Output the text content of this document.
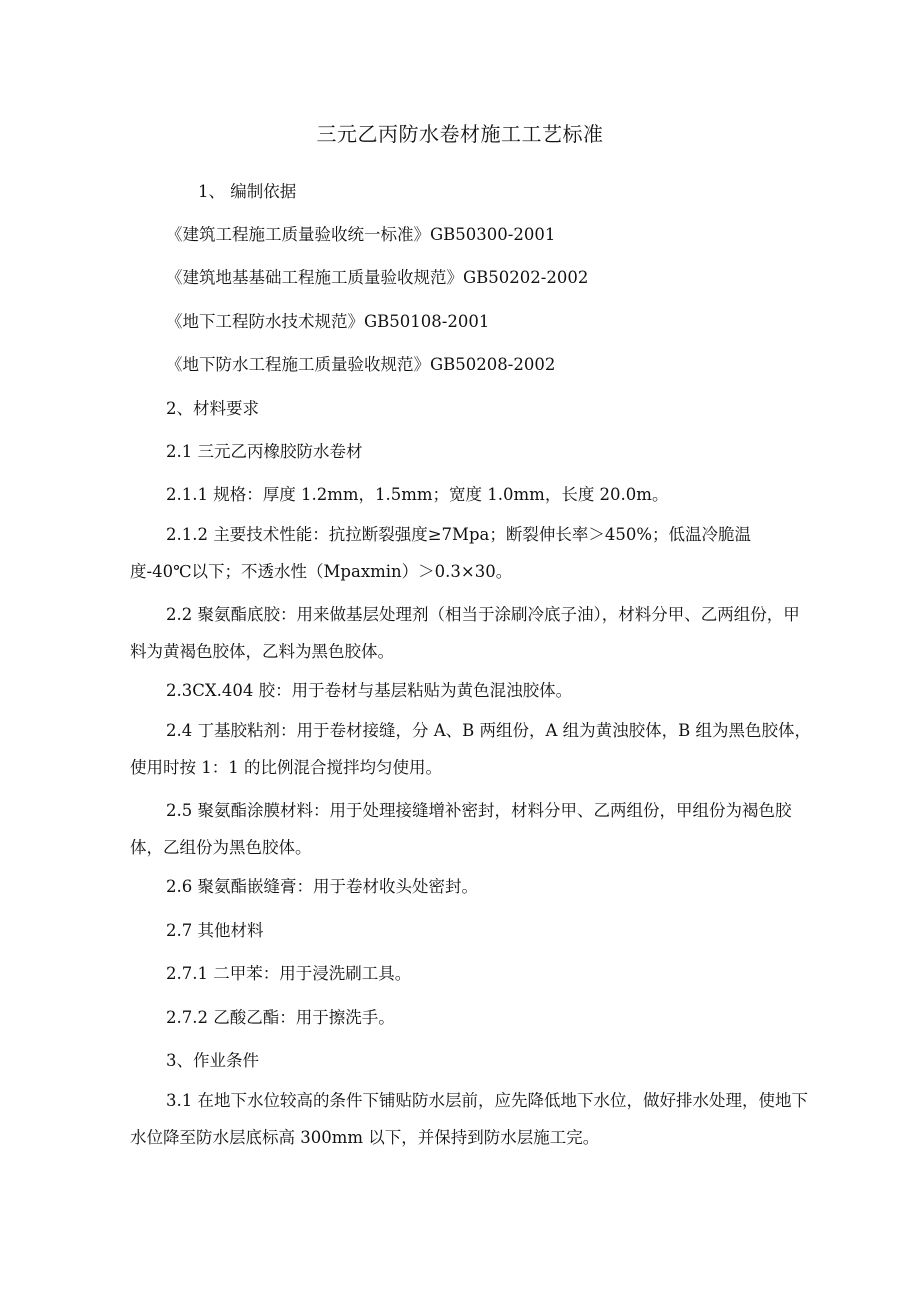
三元乙丙防水卷材施工工艺标准

1、 编制依据

《建筑工程施工质量验收统一标准》GB50300-2001

《建筑地基基础工程施工质量验收规范》GB50202-2002

《地下工程防水技术规范》GB50108-2001

《地下防水工程施工质量验收规范》GB50208-2002

2、材料要求

2.1 三元乙丙橡胶防水卷材

2.1.1 规格：厚度 1.2mm，1.5mm；宽度 1.0mm，长度 20.0m。

2.1.2 主要技术性能：抗拉断裂强度≥7Mpa；断裂伸长率＞450%；低温冷脆温度-40℃以下；不透水性（Mpaxmin）＞0.3×30。

2.2 聚氨酯底胶：用来做基层处理剂（相当于涂刷冷底子油），材料分甲、乙两组份，甲料为黄褐色胶体，乙料为黑色胶体。

2.3CX.404 胶：用于卷材与基层粘贴为黄色混浊胶体。

2.4 丁基胶粘剂：用于卷材接缝，分 A、B 两组份，A 组为黄浊胶体，B 组为黑色胶体，使用时按 1：1 的比例混合搅拌均匀使用。

2.5 聚氨酯涂膜材料：用于处理接缝增补密封，材料分甲、乙两组份，甲组份为褐色胶体，乙组份为黑色胶体。

2.6 聚氨酯嵌缝膏：用于卷材收头处密封。

2.7 其他材料

2.7.1 二甲苯：用于浸洗刷工具。

2.7.2 乙酸乙酯：用于擦洗手。

3、作业条件

3.1 在地下水位较高的条件下铺贴防水层前，应先降低地下水位，做好排水处理，使地下水位降至防水层底标高 300mm 以下，并保持到防水层施工完。
